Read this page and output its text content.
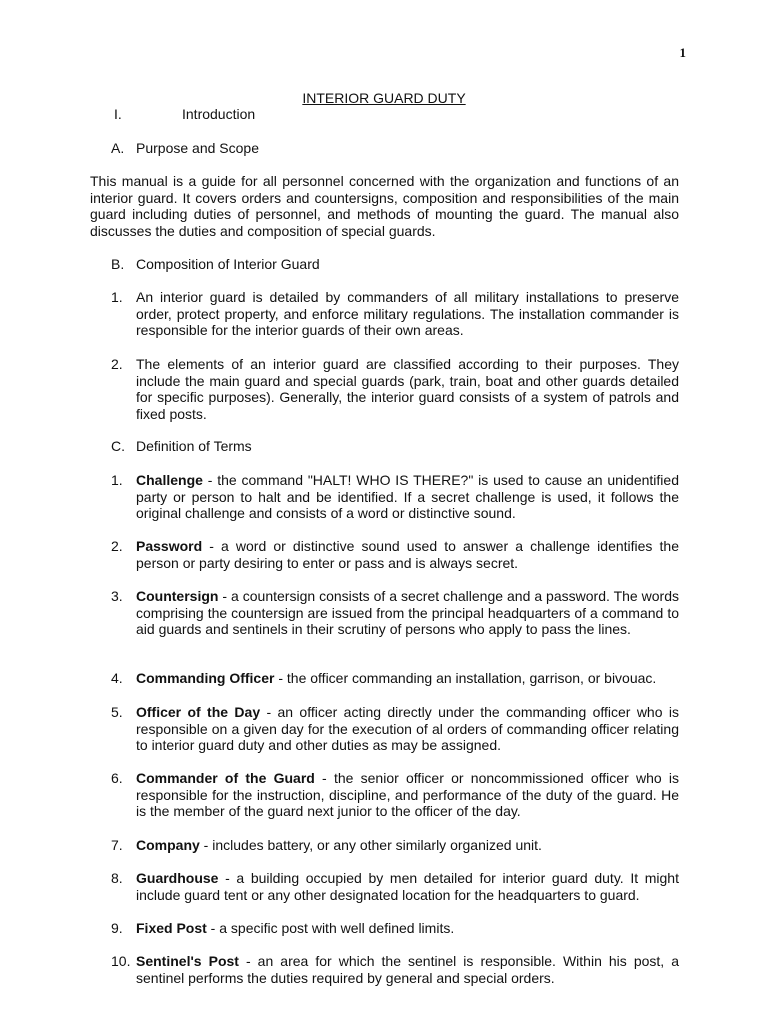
1
INTERIOR GUARD DUTY
I.	Introduction
A. Purpose and Scope

This manual is a guide for all personnel concerned with the organization and functions of an interior guard. It covers orders and countersigns, composition and responsibilities of the main guard including duties of personnel, and methods of mounting the guard. The manual also discusses the duties and composition of special guards.

B. Composition of Interior Guard
1. An interior guard is detailed by commanders of all military installations to preserve order, protect property, and enforce military regulations. The installation commander is responsible for the interior guards of their own areas.
2. The elements of an interior guard are classified according to their purposes. They include the main guard and special guards (park, train, boat and other guards detailed for specific purposes). Generally, the interior guard consists of a system of patrols and fixed posts.
C. Definition of Terms
1. Challenge - the command "HALT! WHO IS THERE?" is used to cause an unidentified party or person to halt and be identified. If a secret challenge is used, it follows the original challenge and consists of a word or distinctive sound.
2. Password - a word or distinctive sound used to answer a challenge identifies the person or party desiring to enter or pass and is always secret.
3. Countersign - a countersign consists of a secret challenge and a password. The words comprising the countersign are issued from the principal headquarters of a command to aid guards and sentinels in their scrutiny of persons who apply to pass the lines.
4. Commanding Officer - the officer commanding an installation, garrison, or bivouac.
5. Officer of the Day - an officer acting directly under the commanding officer who is responsible on a given day for the execution of al orders of commanding officer relating to interior guard duty and other duties as may be assigned.
6. Commander of the Guard - the senior officer or noncommissioned officer who is responsible for the instruction, discipline, and performance of the duty of the guard. He is the member of the guard next junior to the officer of the day.
7. Company - includes battery, or any other similarly organized unit.
8. Guardhouse - a building occupied by men detailed for interior guard duty. It might include guard tent or any other designated location for the headquarters to guard.
9. Fixed Post - a specific post with well defined limits.
10. Sentinel's Post - an area for which the sentinel is responsible. Within his post, a sentinel performs the duties required by general and special orders.
